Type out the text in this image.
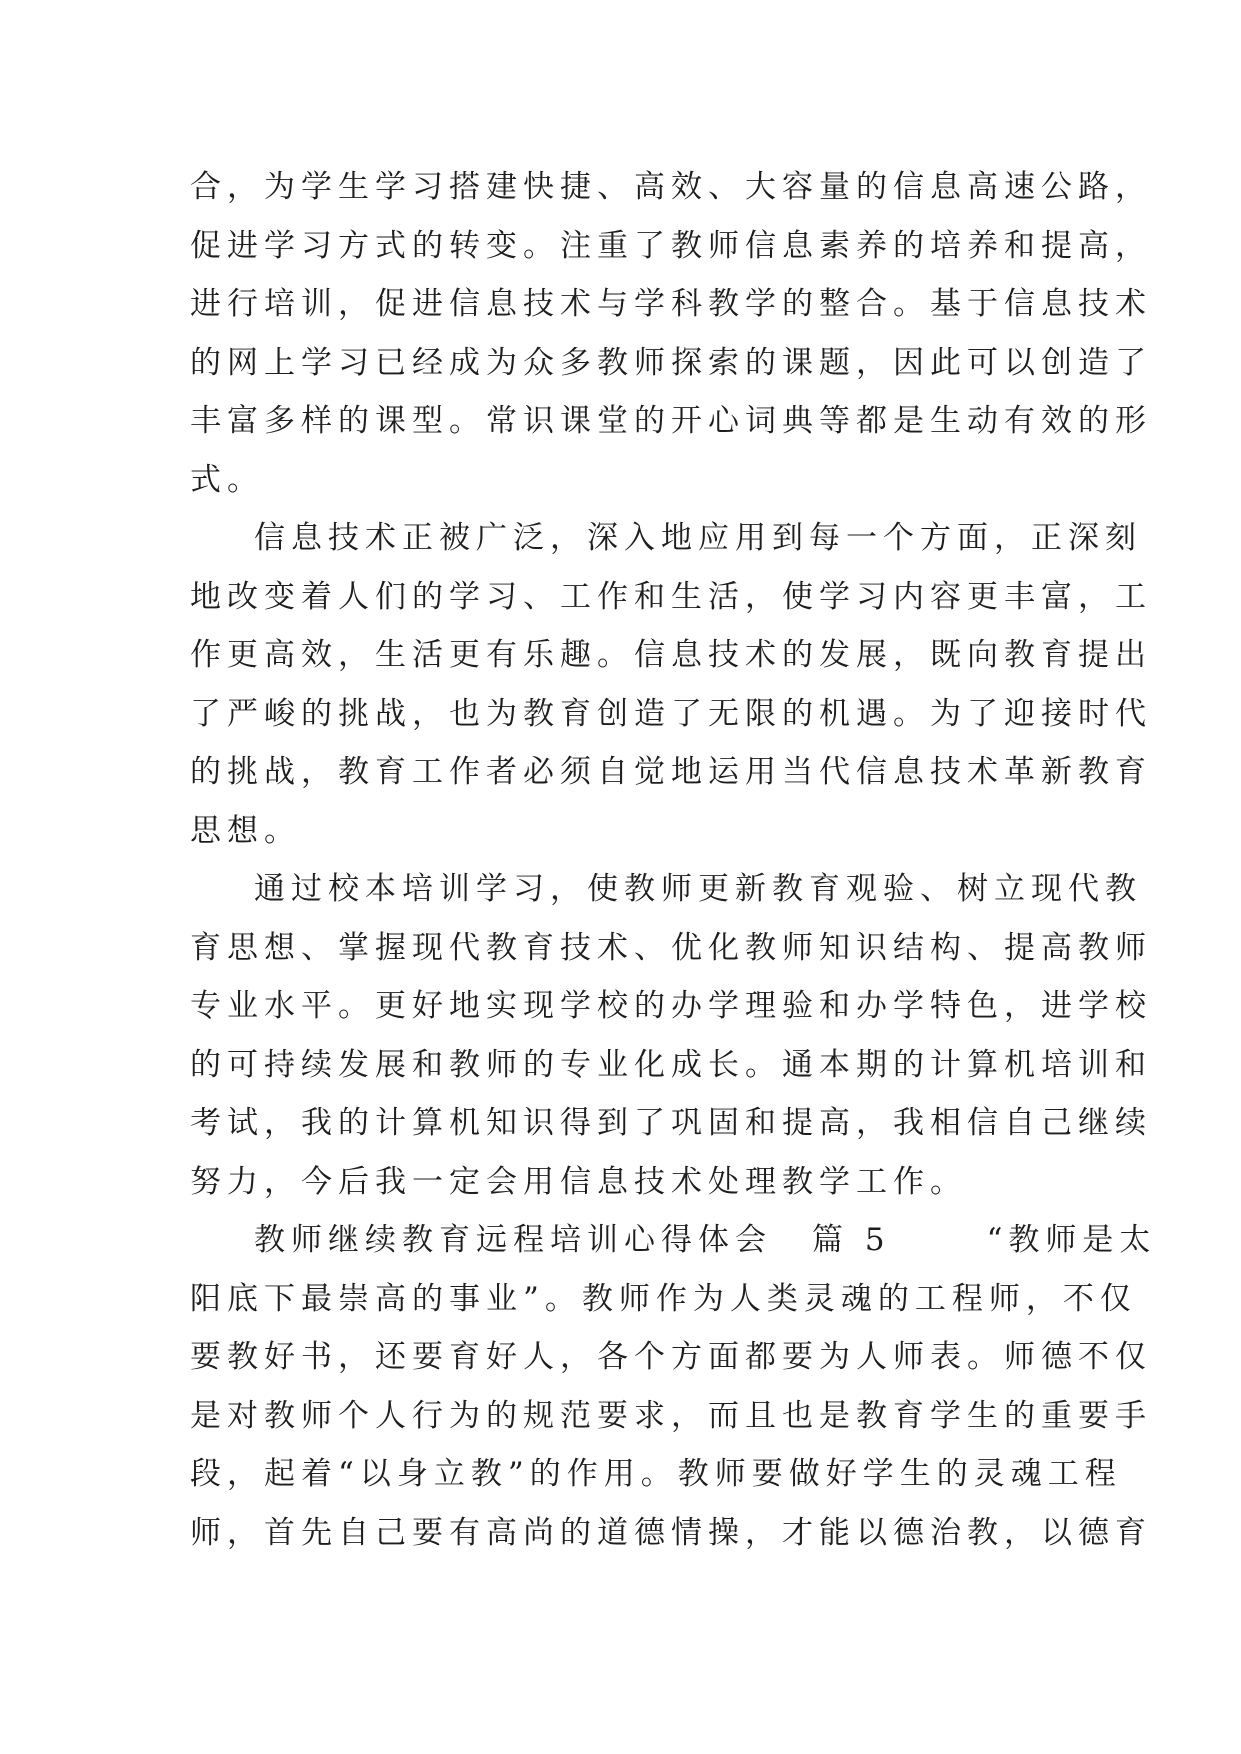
合，为学生学习搭建快捷、高效、大容量的信息高速公路，
促进学习方式的转变。注重了教师信息素养的培养和提高，
进行培训，促进信息技术与学科教学的整合。基于信息技术
的网上学习已经成为众多教师探索的课题，因此可以创造了
丰富多样的课型。常识课堂的开心词典等都是生动有效的形
式。
信息技术正被广泛，深入地应用到每一个方面，正深刻
地改变着人们的学习、工作和生活，使学习内容更丰富，工
作更高效，生活更有乐趣。信息技术的发展，既向教育提出
了严峻的挑战，也为教育创造了无限的机遇。为了迎接时代
的挑战，教育工作者必须自觉地运用当代信息技术革新教育
思想。
通过校本培训学习，使教师更新教育观验、树立现代教
育思想、掌握现代教育技术、优化教师知识结构、提高教师
专业水平。更好地实现学校的办学理验和办学特色，进学校
的可持续发展和教师的专业化成长。通本期的计算机培训和
考试，我的计算机知识得到了巩固和提高，我相信自己继续
努力，今后我一定会用信息技术处理教学工作。
教师继续教育远程培训心得体会 篇 5	“教师是太
阳底下最崇高的事业”。教师作为人类灵魂的工程师，不仅
要教好书，还要育好人，各个方面都要为人师表。师德不仅
是对教师个人行为的规范要求，而且也是教育学生的重要手
段，起着“以身立教”的作用。教师要做好学生的灵魂工程
师，首先自己要有高尚的道德情操，才能以德治教，以德育
